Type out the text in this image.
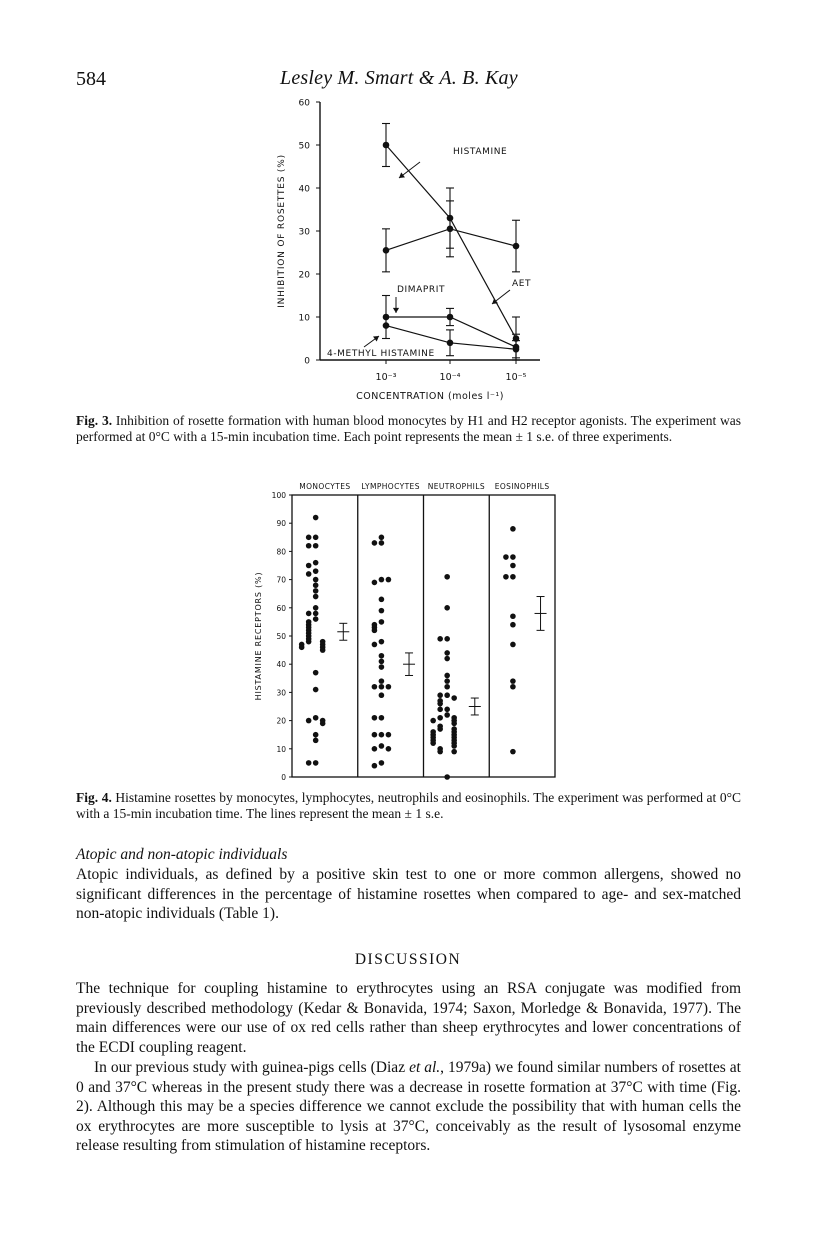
584	Lesley M. Smart & A. B. Kay
0
10
20
30
40
50
60
10⁻³	10⁻⁴	10⁻⁵
CONCENTRATION (moles l⁻¹)
INHIBITION OF ROSETTES (%)
HISTAMINE
AET
DIMAPRIT
4-METHYL HISTAMINE
Fig. 3. Inhibition of rosette formation with human blood monocytes by H1 and H2 receptor agonists. The experiment was performed at 0°C with a 15-min incubation time. Each point represents the mean ± 1 s.e. of three experiments.
0
10
20
30
40
50
60
70
80
90
100
HISTAMINE RECEPTORS (%)
MONOCYTES LYMPHOCYTES NEUTROPHILS EOSINOPHILS
Fig. 4. Histamine rosettes by monocytes, lymphocytes, neutrophils and eosinophils. The experiment was performed at 0°C with a 15-min incubation time. The lines represent the mean ± 1 s.e.
Atopic and non-atopic individuals
Atopic individuals, as defined by a positive skin test to one or more common allergens, showed no significant differences in the percentage of histamine rosettes when compared to age- and sex-matched non-atopic individuals (Table 1).
DISCUSSION
The technique for coupling histamine to erythrocytes using an RSA conjugate was modified from previously described methodology (Kedar & Bonavida, 1974; Saxon, Morledge & Bonavida, 1977). The main differences were our use of ox red cells rather than sheep erythrocytes and lower concentrations of the ECDI coupling reagent.
In our previous study with guinea-pigs cells (Diaz et al., 1979a) we found similar numbers of rosettes at 0 and 37°C whereas in the present study there was a decrease in rosette formation at 37°C with time (Fig. 2). Although this may be a species difference we cannot exclude the possibility that with human cells the ox erythrocytes are more susceptible to lysis at 37°C, conceivably as the result of lysosomal enzyme release resulting from stimulation of histamine receptors.
